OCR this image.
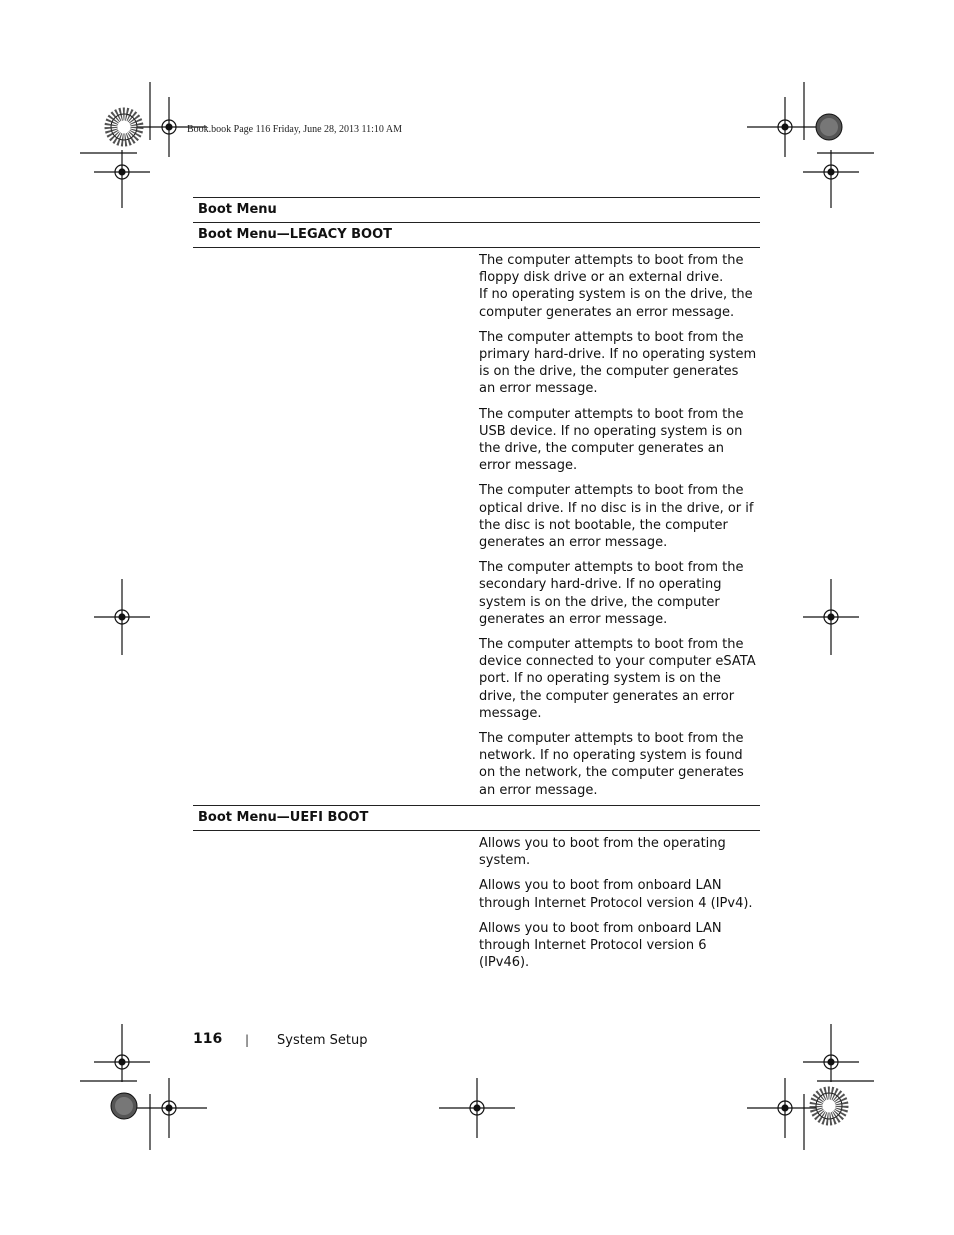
Book.book Page 116 Friday, June 28, 2013 11:10 AM
Boot Menu
Boot Menu—LEGACY BOOT

The computer attempts to boot from the floppy disk drive or an external drive.
If no operating system is on the drive, the computer generates an error message.

The computer attempts to boot from the primary hard-drive. If no operating system is on the drive, the computer generates an error message.

The computer attempts to boot from the USB device. If no operating system is on the drive, the computer generates an error message.

The computer attempts to boot from the optical drive. If no disc is in the drive, or if the disc is not bootable, the computer generates an error message.

The computer attempts to boot from the secondary hard-drive. If no operating system is on the drive, the computer generates an error message.

The computer attempts to boot from the device connected to your computer eSATA port. If no operating system is on the drive, the computer generates an error message.

The computer attempts to boot from the network. If no operating system is found on the network, the computer generates an error message.

Boot Menu—UEFI BOOT

Allows you to boot from the operating system.

Allows you to boot from onboard LAN through Internet Protocol version 4 (IPv4).

Allows you to boot from onboard LAN through Internet Protocol version 6 (IPv46).

116 | System Setup
